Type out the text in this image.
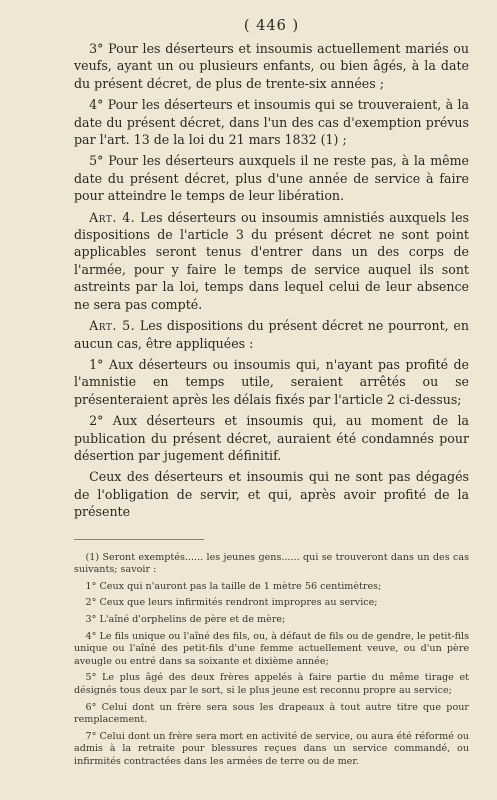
( 446 )

3° Pour les déserteurs et insoumis actuellement mariés ou veufs, ayant un ou plusieurs enfants, ou bien âgés, à la date du présent décret, de plus de trente-six années ;

4° Pour les déserteurs et insoumis qui se trouveraient, à la date du présent décret, dans l'un des cas d'exemption prévus par l'art. 13 de la loi du 21 mars 1832 (1) ;

5° Pour les déserteurs auxquels il ne reste pas, à la même date du présent décret, plus d'une année de service à faire pour atteindre le temps de leur libération.

Art. 4. Les déserteurs ou insoumis amnistiés auxquels les dispositions de l'article 3 du présent décret ne sont point applicables seront tenus d'entrer dans un des corps de l'armée, pour y faire le temps de service auquel ils sont astreints par la loi, temps dans lequel celui de leur absence ne sera pas compté.

Art. 5. Les dispositions du présent décret ne pourront, en aucun cas, être appliquées :

1° Aux déserteurs ou insoumis qui, n'ayant pas profité de l'amnistie en temps utile, seraient arrêtés ou se présenteraient après les délais fixés par l'article 2 ci-dessus;

2° Aux déserteurs et insoumis qui, au moment de la publication du présent décret, auraient été condamnés pour désertion par jugement définitif.

Ceux des déserteurs et insoumis qui ne sont pas dégagés de l'obligation de servir, et qui, après avoir profité de la présente

(1) Seront exemptés...... les jeunes gens...... qui se trouveront dans un des cas suivants; savoir :

1° Ceux qui n'auront pas la taille de 1 mètre 56 centimètres;

2° Ceux que leurs infirmités rendront impropres au service;

3° L'aîné d'orphelins de père et de mère;

4° Le fils unique ou l'aîné des fils, ou, à défaut de fils ou de gendre, le petit-fils unique ou l'aîné des petit-fils d'une femme actuellement veuve, ou d'un père aveugle ou entré dans sa soixante et dixième année;

5° Le plus âgé des deux frères appelés à faire partie du même tirage et désignés tous deux par le sort, si le plus jeune est reconnu propre au service;

6° Celui dont un frère sera sous les drapeaux à tout autre titre que pour remplacement.

7° Celui dont un frère sera mort en activité de service, ou aura été réformé ou admis à la retraite pour blessures reçues dans un service commandé, ou infirmités contractées dans les armées de terre ou de mer.
